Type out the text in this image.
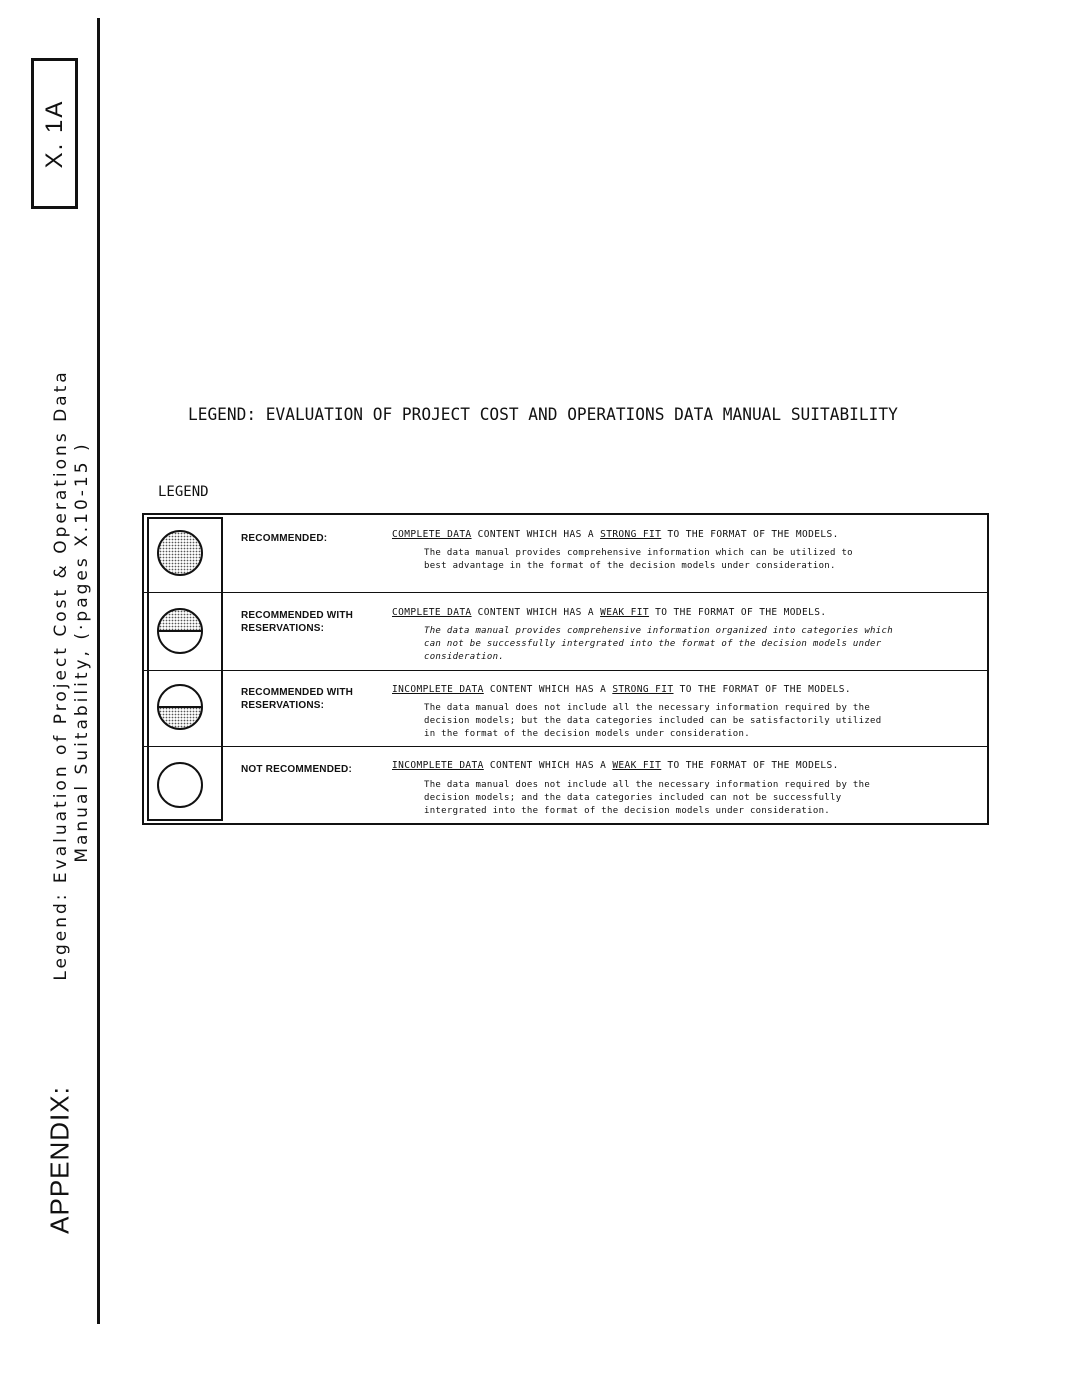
X. 1A
Legend: Evaluation of Project Cost & Operations Data Manual Suitability, (·pages X.10-15 )
APPENDIX:
LEGEND: EVALUATION OF PROJECT COST AND OPERATIONS DATA MANUAL SUITABILITY
LEGEND
RECOMMENDED:	COMPLETE DATA CONTENT WHICH HAS A STRONG FIT TO THE FORMAT OF THE MODELS.
The data manual provides comprehensive information which can be utilized to
best advantage in the format of the decision models under consideration.
RECOMMENDED WITH
RESERVATIONS:
COMPLETE DATA CONTENT WHICH HAS A WEAK FIT TO THE FORMAT OF THE MODELS.
The data manual provides comprehensive information organized into categories which
can not be successfully intergrated into the format of the decision models under
consideration.
RECOMMENDED WITH
RESERVATIONS:
INCOMPLETE DATA CONTENT WHICH HAS A STRONG FIT TO THE FORMAT OF THE MODELS.
The data manual does not include all the necessary information required by the
decision models; but the data categories included can be satisfactorily utilized
in the format of the decision models under consideration.
NOT RECOMMENDED:	INCOMPLETE DATA CONTENT WHICH HAS A WEAK FIT TO THE FORMAT OF THE MODELS.
The data manual does not include all the necessary information required by the
decision models; and the data categories included can not be successfully
intergrated into the format of the decision models under consideration.
